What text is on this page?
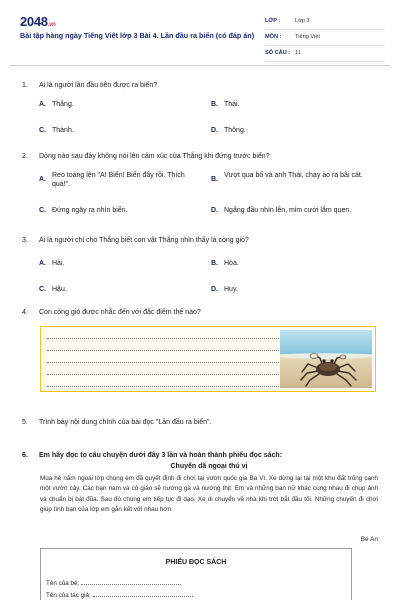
2048.vn
Bài tập hàng ngày Tiếng Việt lớp 3 Bài 4. Lần đầu ra biển (có đáp án)
LỚP :	Lớp 3
MÔN : Tiếng Việt
SỐ CÂU : 11
1. Ai là người lần đầu tiên được ra biển?
A. Thắng.	B. Thái.
C. Thành.	D. Thông.
2. Dòng nào sau đây không nói lên cảm xúc của Thắng khi đứng trước biển?
A.
Reo toáng lên "A! Biển! Biển đây rồi. Thích quá!".
B.
Vượt qua bố và anh Thái, chạy ào ra bãi cát.
C. Đứng ngây ra nhìn biển.	D. Ngẩng đầu nhìn lên, mỉm cười lắm quen.
3. Ai là người chỉ cho Thắng biết con vật Thắng nhìn thấy là còng gió?
A. Hải.	B. Hòa.
C. Hậu.	D. Huy.
4. Con còng gió được nhắc đến với đặc điểm thế nào?
5. Trình bày nội dung chính của bài đọc "Lần đầu ra biển".
6. Em hãy đọc to câu chuyện dưới đây 3 lần và hoàn thành phiếu đọc sách:
Chuyến dã ngoại thú vị
Mùa hè năm ngoái lớp chúng em đã quyết định đi chơi tại vườn quốc gia Ba Vì. Xe dừng lại tại một khu đất trống cạnh một vườn cây. Các bạn nam và cô giáo sẽ nướng gà và nướng thịt. Em và những bạn nữ khác cùng nhau đi chụp ảnh và chuẩn bị bát đũa. Sau đó chúng em tiếp tục đi dạo. Xe di chuyển về nhà khi trời bắt đầu tối. Những chuyến đi chơi giúp tình bạn của lớp em gắn kết với nhau hơn.
Bé An
PHIẾU ĐỌC SÁCH
Tên của bé:
Tên của tác giả:
